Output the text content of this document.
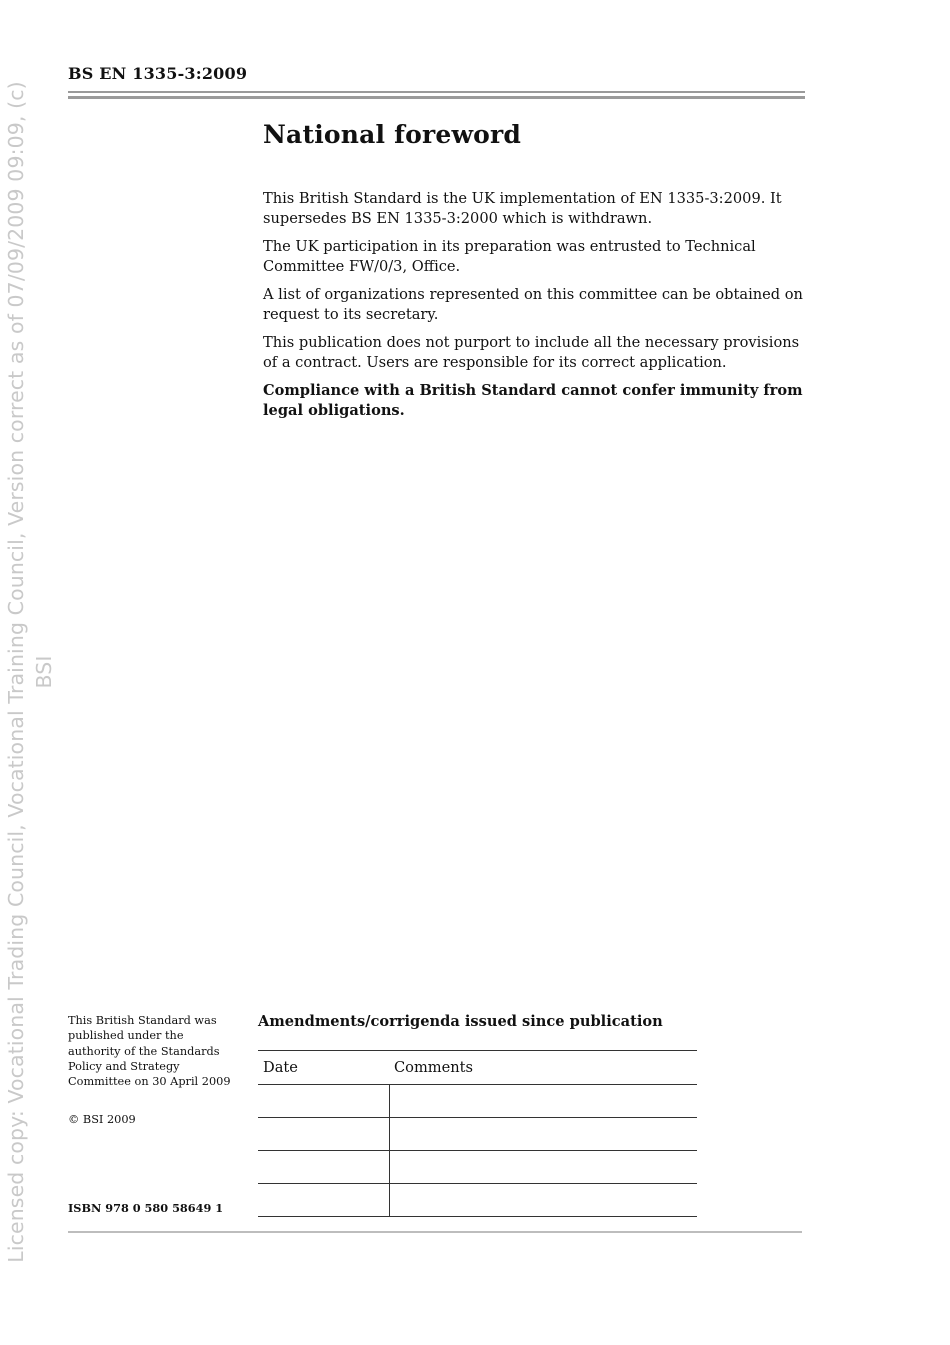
Licensed copy: Vocational Trading Council, Vocational Training Council, Version correct as of 07/09/2009 09:09, (c) BSI
BS EN 1335-3:2009
National foreword

This British Standard is the UK implementation of EN 1335-3:2009. It supersedes BS EN 1335-3:2000 which is withdrawn.

The UK participation in its preparation was entrusted to Technical Committee FW/0/3, Office.

A list of organizations represented on this committee can be obtained on request to its secretary.

This publication does not purport to include all the necessary provisions of a contract. Users are responsible for its correct application.

Compliance with a British Standard cannot confer immunity from legal obligations.

This British Standard was published under the authority of the Standards Policy and Strategy Committee on 30 April 2009
© BSI 2009
ISBN 978 0 580 58649 1
Amendments/corrigenda issued since publication
Date	Comments
